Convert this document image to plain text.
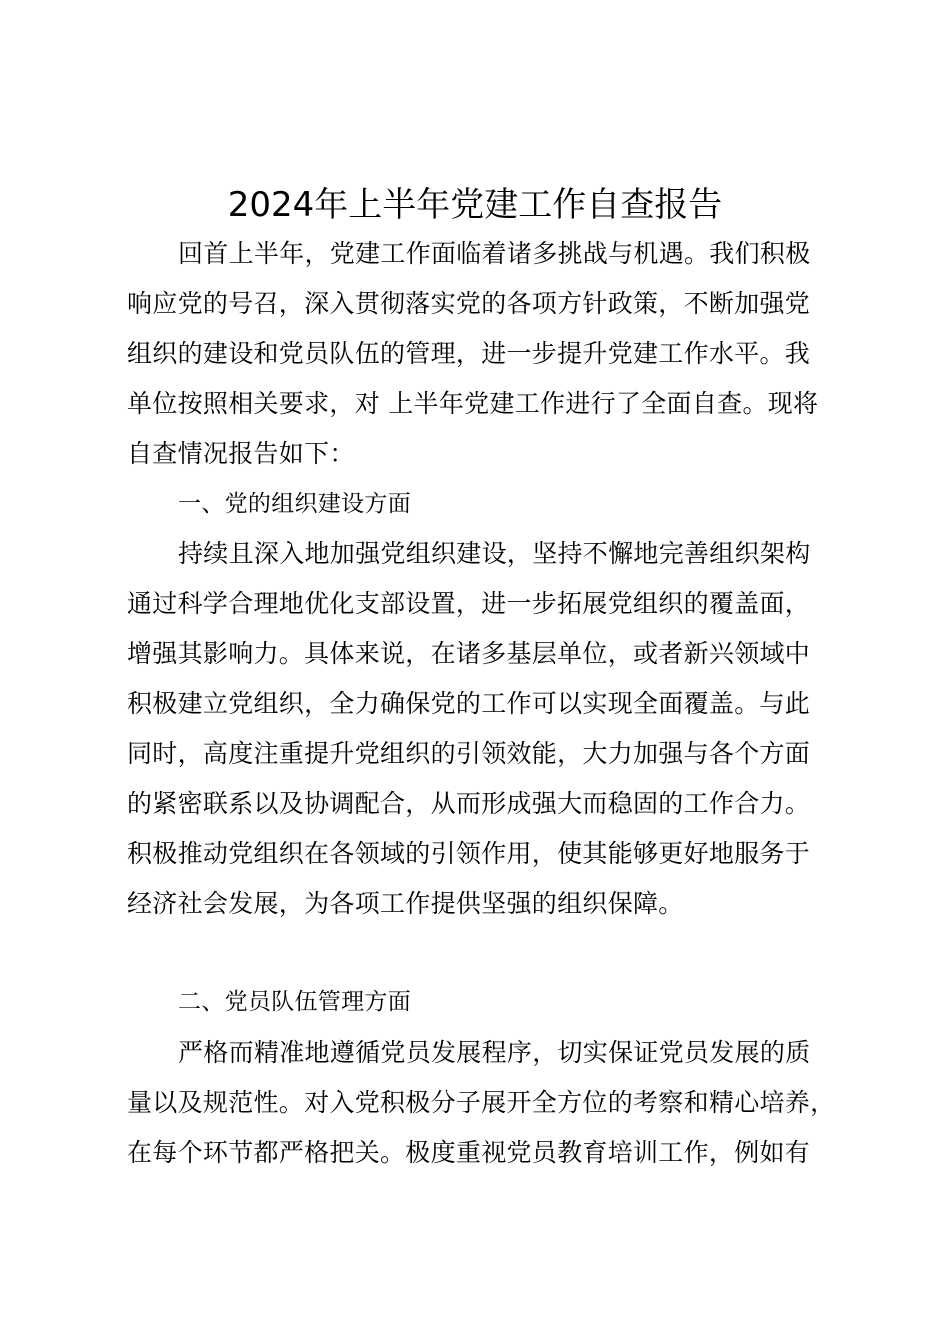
2024年上半年党建工作自查报告
回首上半年，党建工作面临着诸多挑战与机遇。我们积极
响应党的号召，深入贯彻落实党的各项方针政策，不断加强党
组织的建设和党员队伍的管理，进一步提升党建工作水平。我
单位按照相关要求，对 上半年党建工作进行了全面自查。现将
自查情况报告如下：
一、党的组织建设方面
持续且深入地加强党组织建设，坚持不懈地完善组织架构
通过科学合理地优化支部设置，进一步拓展党组织的覆盖面，
增强其影响力。具体来说，在诸多基层单位，或者新兴领域中
积极建立党组织，全力确保党的工作可以实现全面覆盖。与此
同时，高度注重提升党组织的引领效能，大力加强与各个方面
的紧密联系以及协调配合，从而形成强大而稳固的工作合力。
积极推动党组织在各领域的引领作用，使其能够更好地服务于
经济社会发展，为各项工作提供坚强的组织保障。
二、党员队伍管理方面
严格而精准地遵循党员发展程序，切实保证党员发展的质
量以及规范性。对入党积极分子展开全方位的考察和精心培养，
在每个环节都严格把关。极度重视党员教育培训工作，例如有
